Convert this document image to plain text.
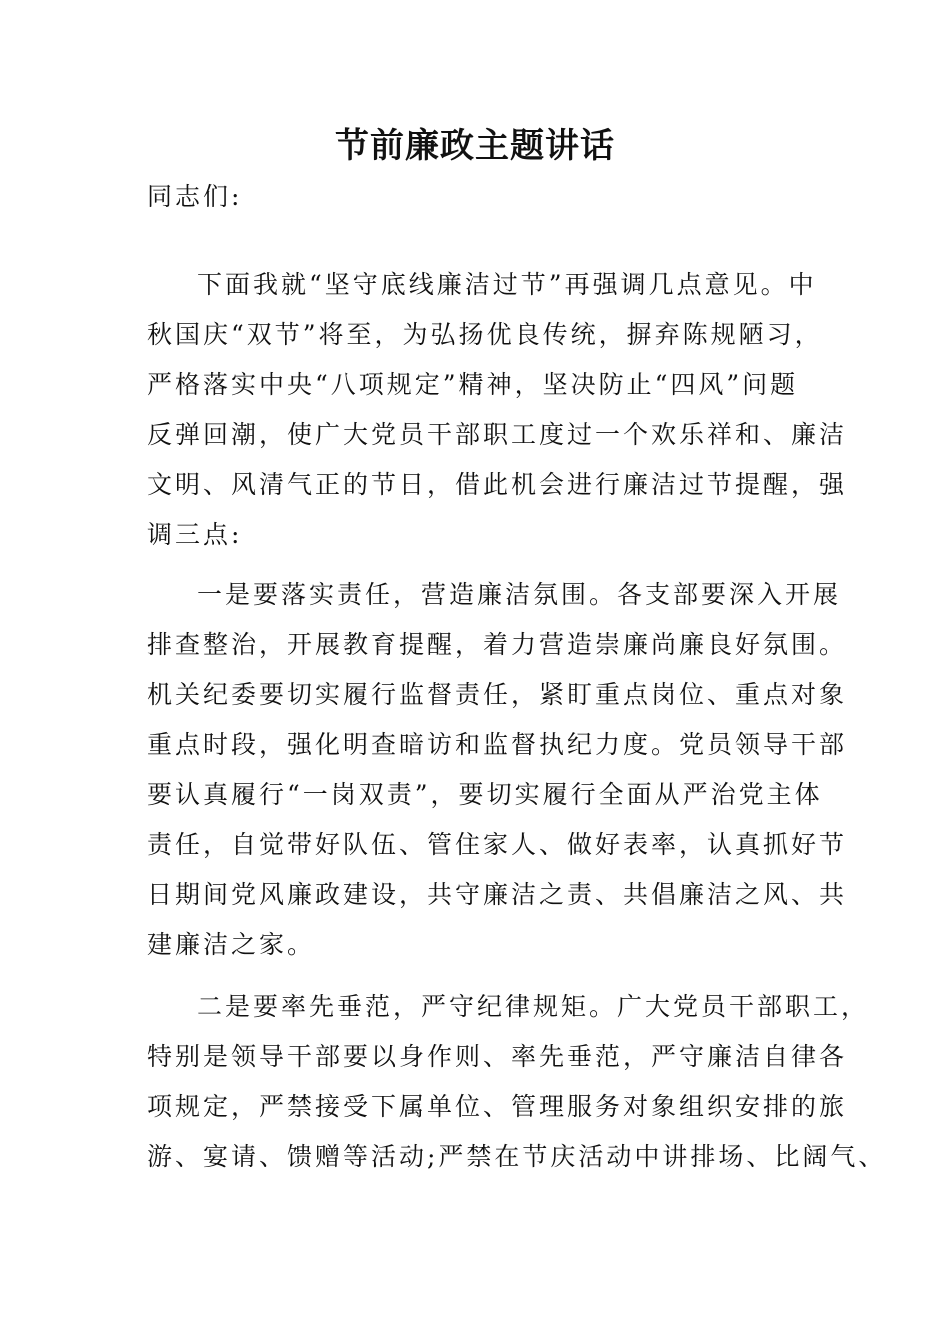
节前廉政主题讲话

同志们:

下面我就“坚守底线廉洁过节”再强调几点意见。中
秋国庆“双节”将至，为弘扬优良传统，摒弃陈规陋习，
严格落实中央“八项规定”精神，坚决防止“四风”问题
反弹回潮，使广大党员干部职工度过一个欢乐祥和、廉洁
文明、风清气正的节日，借此机会进行廉洁过节提醒，强
调三点:
一是要落实责任，营造廉洁氛围。各支部要深入开展
排查整治，开展教育提醒，着力营造崇廉尚廉良好氛围。
机关纪委要切实履行监督责任，紧盯重点岗位、重点对象
重点时段，强化明查暗访和监督执纪力度。党员领导干部
要认真履行“一岗双责”，要切实履行全面从严治党主体
责任，自觉带好队伍、管住家人、做好表率，认真抓好节
日期间党风廉政建设，共守廉洁之责、共倡廉洁之风、共
建廉洁之家。
二是要率先垂范，严守纪律规矩。广大党员干部职工，
特别是领导干部要以身作则、率先垂范，严守廉洁自律各
项规定，严禁接受下属单位、管理服务对象组织安排的旅
游、宴请、馈赠等活动;严禁在节庆活动中讲排场、比阔气、
